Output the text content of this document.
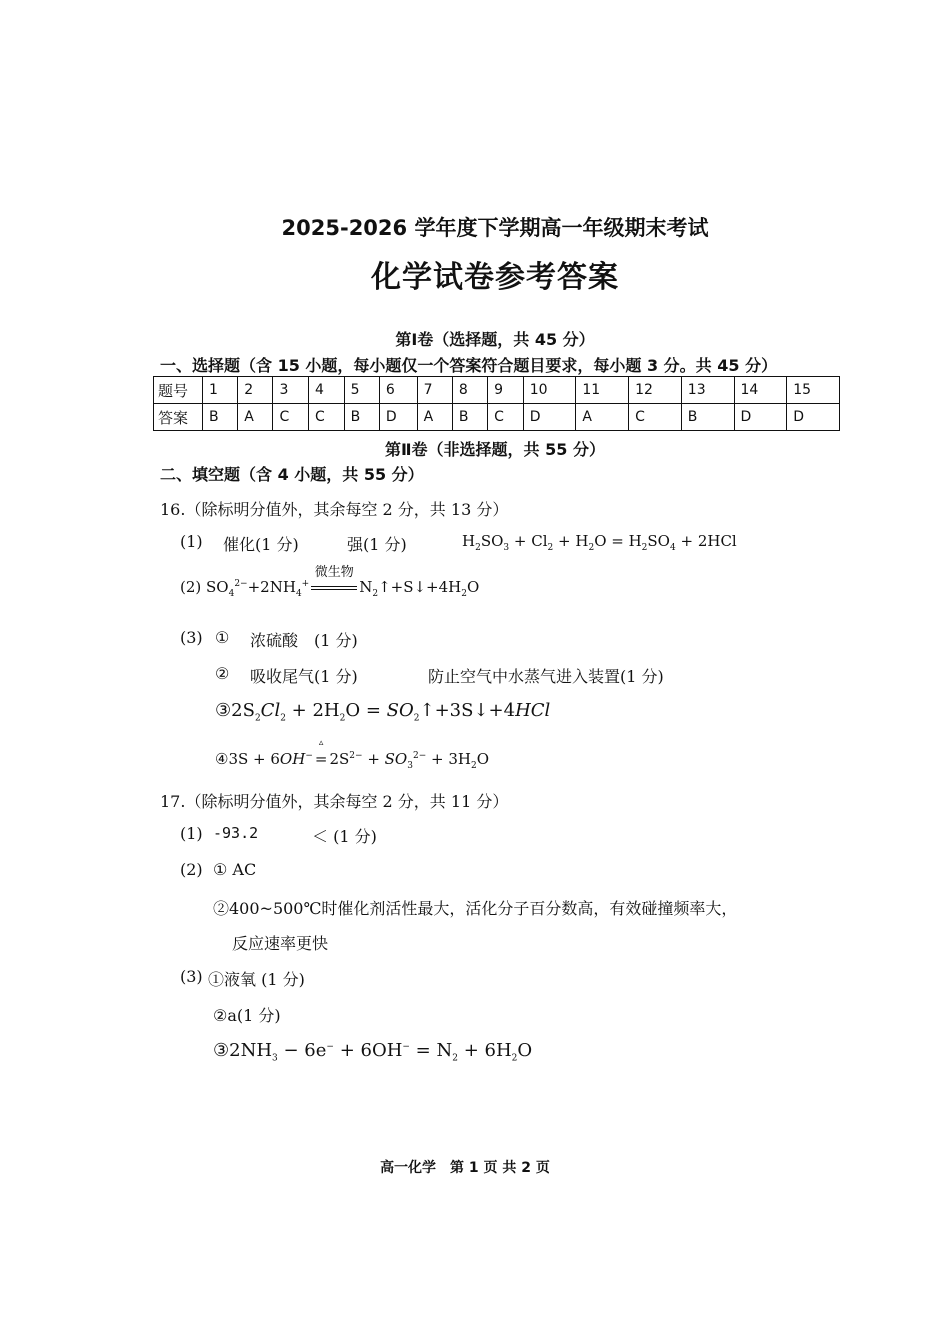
2025-2026 学年度下学期高一年级期末考试
化学试卷参考答案
第Ⅰ卷（选择题，共 45 分）
一、选择题（含 15 小题，每小题仅一个答案符合题目要求，每小题 3 分。共 45 分）
题号	1	2	3	4	5	6	7	8	9	10	11	12	13	14	15
答案	B	A	C	C	B	D	A	B	C	D	A	C	B	D	D
第Ⅱ卷（非选择题，共 55 分）
二、填空题（含 4 小题，共 55 分）
16.（除标明分值外，其余每空 2 分，共 13 分）
(1) 催化(1 分)	强(1 分)	$H_2SO_3 + Cl_2 + H_2O = H_2SO_4 + 2HCl$
(2) $SO_4^{2-}+2NH_4^+$
微生物
$N_2↑+S↓+4H_2O$
(3) ① 浓硫酸　(1 分)
② 吸收尾气(1 分)	防止空气中水蒸气进入装置(1 分)
$③2S_2Cl_2 + 2H_2O$ = $SO_2↑+3S↓+4HCl$
④3S + 6OH−
▵
= $2S^{2-} + SO_3^{2-} + 3H_2O$
17.（除标明分值外，其余每空 2 分，共 11 分）
(1) -93.2	＜ (1 分)
(2) ① AC
②400~500℃时催化剂活性最大，活化分子百分数高，有效碰撞频率大，
反应速率更快
(3) ①液氧 (1 分)
②a(1 分)
$③2NH_3 - 6e^- + 6OH^- = N_2 + 6H_2O$
高一化学　第 1 页 共 2 页
